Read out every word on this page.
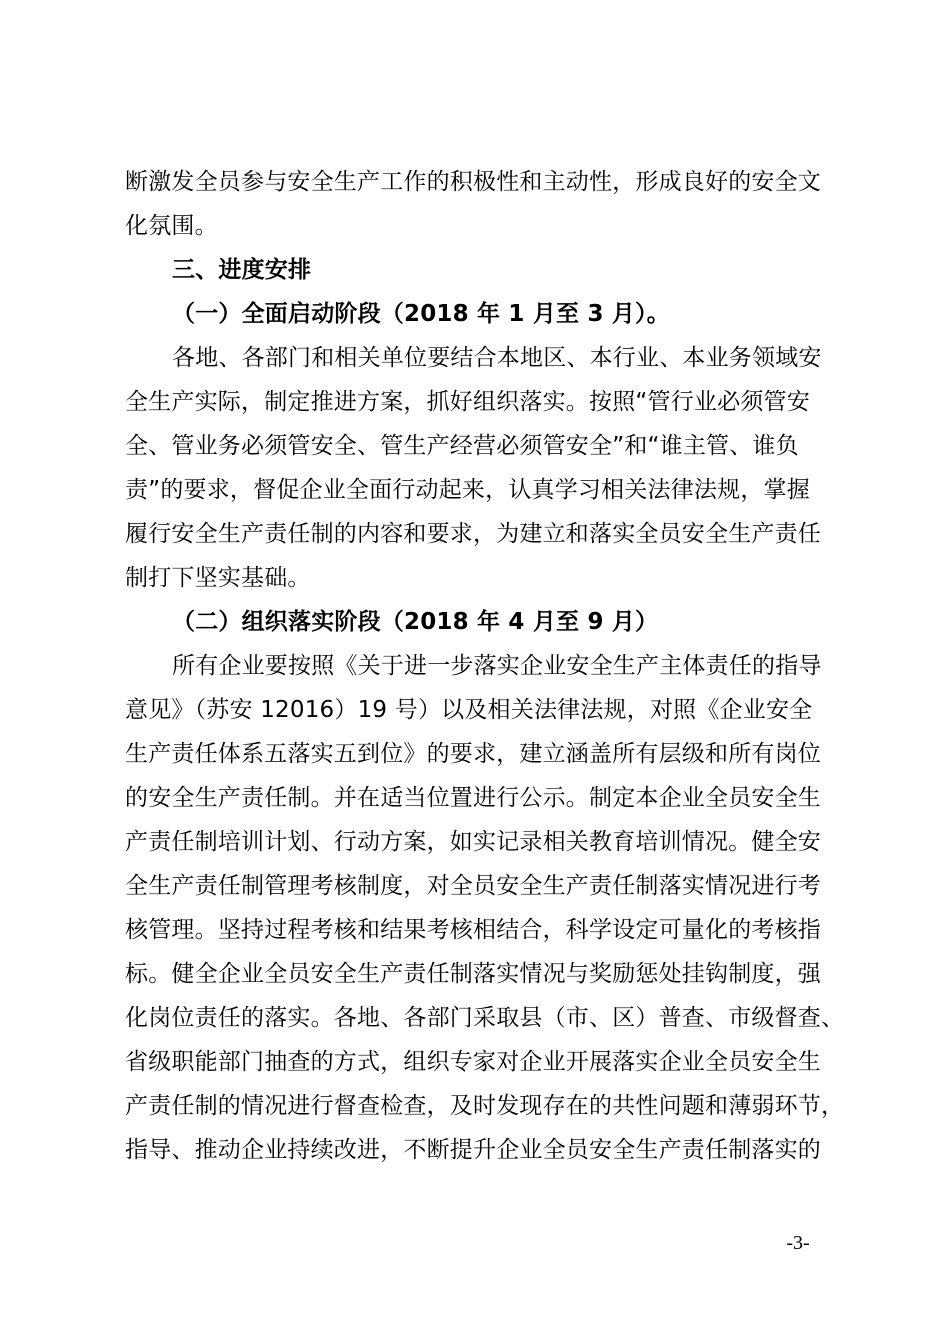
断激发全员参与安全生产工作的积极性和主动性，形成良好的安全文
化氛围。
三、进度安排
（一）全面启动阶段（2018 年 1 月至 3 月）。
各地、各部门和相关单位要结合本地区、本行业、本业务领域安
全生产实际，制定推进方案，抓好组织落实。按照“管行业必须管安
全、管业务必须管安全、管生产经营必须管安全”和“谁主管、谁负
责”的要求，督促企业全面行动起来，认真学习相关法律法规，掌握
履行安全生产责任制的内容和要求，为建立和落实全员安全生产责任
制打下坚实基础。
（二）组织落实阶段（2018 年 4 月至 9 月）
所有企业要按照《关于进一步落实企业安全生产主体责任的指导
意见》（苏安 12016）19 号）以及相关法律法规，对照《企业安全
生产责任体系五落实五到位》的要求，建立涵盖所有层级和所有岗位
的安全生产责任制。并在适当位置进行公示。制定本企业全员安全生
产责任制培训计划、行动方案，如实记录相关教育培训情况。健全安
全生产责任制管理考核制度，对全员安全生产责任制落实情况进行考
核管理。坚持过程考核和结果考核相结合，科学设定可量化的考核指
标。健全企业全员安全生产责任制落实情况与奖励惩处挂钩制度，强
化岗位责任的落实。各地、各部门采取县（市、区）普查、市级督查、
省级职能部门抽查的方式，组织专家对企业开展落实企业全员安全生
产责任制的情况进行督查检查，及时发现存在的共性问题和薄弱环节，
指导、推动企业持续改进，不断提升企业全员安全生产责任制落实的
-3-
